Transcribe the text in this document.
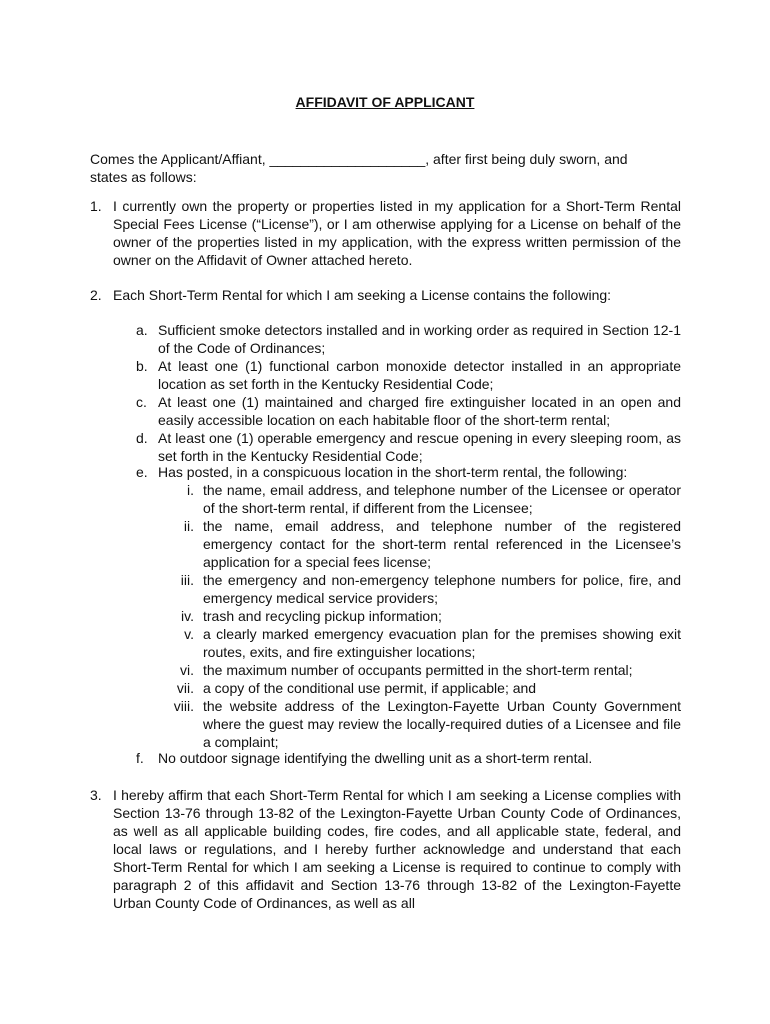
AFFIDAVIT OF APPLICANT
Comes the Applicant/Affiant, ____________________, after first being duly sworn, and
states as follows:
1. I currently own the property or properties listed in my application for a Short-Term Rental Special Fees License (“License”), or I am otherwise applying for a License on behalf of the owner of the properties listed in my application, with the express written permission of the owner on the Affidavit of Owner attached hereto.
2. Each Short-Term Rental for which I am seeking a License contains the following:
a. Sufficient smoke detectors installed and in working order as required in Section 12-1 of the Code of Ordinances;
b. At least one (1) functional carbon monoxide detector installed in an appropriate location as set forth in the Kentucky Residential Code;
c. At least one (1) maintained and charged fire extinguisher located in an open and easily accessible location on each habitable floor of the short-term rental;
d. At least one (1) operable emergency and rescue opening in every sleeping room, as set forth in the Kentucky Residential Code;
e. Has posted, in a conspicuous location in the short-term rental, the following:
i. the name, email address, and telephone number of the Licensee or operator of the short-term rental, if different from the Licensee;
ii. the name, email address, and telephone number of the registered emergency contact for the short-term rental referenced in the Licensee’s application for a special fees license;
iii. the emergency and non-emergency telephone numbers for police, fire, and emergency medical service providers;
iv. trash and recycling pickup information;
v. a clearly marked emergency evacuation plan for the premises showing exit routes, exits, and fire extinguisher locations;
vi. the maximum number of occupants permitted in the short-term rental;
vii. a copy of the conditional use permit, if applicable; and
viii. the website address of the Lexington-Fayette Urban County Government where the guest may review the locally-required duties of a Licensee and file a complaint;
f. No outdoor signage identifying the dwelling unit as a short-term rental.
3. I hereby affirm that each Short-Term Rental for which I am seeking a License complies with Section 13-76 through 13-82 of the Lexington-Fayette Urban County Code of Ordinances, as well as all applicable building codes, fire codes, and all applicable state, federal, and local laws or regulations, and I hereby further acknowledge and understand that each Short-Term Rental for which I am seeking a License is required to continue to comply with paragraph 2 of this affidavit and Section 13-76 through 13-82 of the Lexington-Fayette Urban County Code of Ordinances, as well as all
